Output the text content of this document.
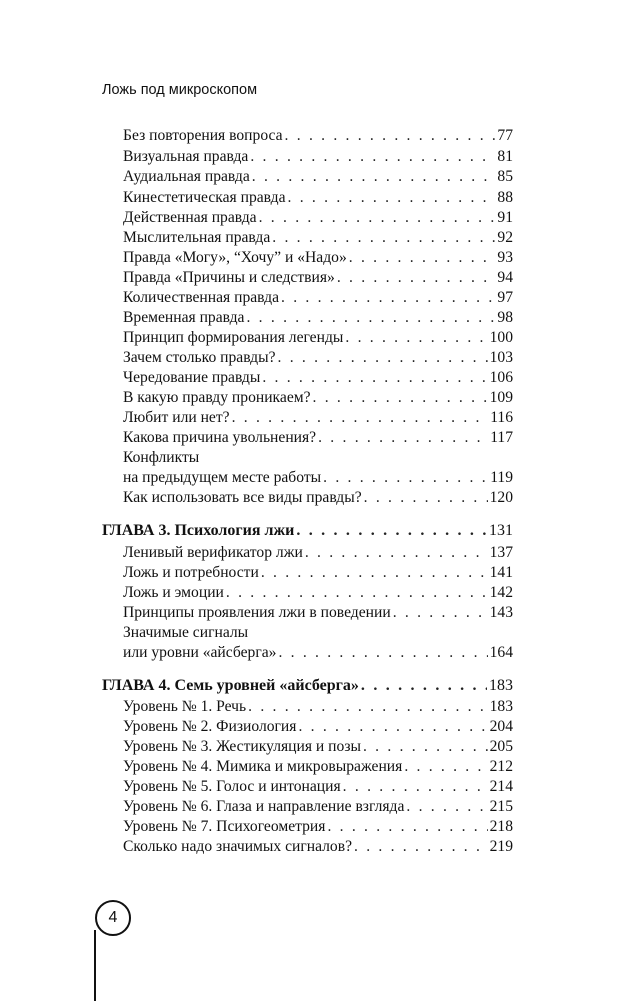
Ложь под микроскопом
Без повторения вопроса . . .	77
Визуальная правда . . .	81
Аудиальная правда . . .	85
Кинестетическая правда . . .	88
Действенная правда . . .	91
Мыслительная правда . . .	92
Правда «Могу», “Хочу” и «Надо» . . .	93
Правда «Причины и следствия» . . .	94
Количественная правда . . .	97
Временная правда . . .	98
Принцип формирования легенды . . .	100
Зачем столько правды? . . .	103
Чередование правды . . .	106
В какую правду проникаем? . . .	109
Любит или нет? . . .	116
Какова причина увольнения? . . .	117
Конфликты
на предыдущем месте работы . . .	119
Как использовать все виды правды? . . .	120
ГЛАВА 3. Психология лжи . . .	131
Ленивый верификатор лжи . . .	137
Ложь и потребности . . .	141
Ложь и эмоции . . .	142
Принципы проявления лжи в поведении . . .	143
Значимые сигналы
или уровни «айсберга» . . .	164
ГЛАВА 4. Семь уровней «айсберга» . . .	183
Уровень № 1. Речь . . .	183
Уровень № 2. Физиология . . .	204
Уровень № 3. Жестикуляция и позы . . .	205
Уровень № 4. Мимика и микровыражения . . .	212
Уровень № 5. Голос и интонация . . .	214
Уровень № 6. Глаза и направление взгляда . . .	215
Уровень № 7. Психогеометрия . . .	218
Сколько надо значимых сигналов? . . .	219
4
